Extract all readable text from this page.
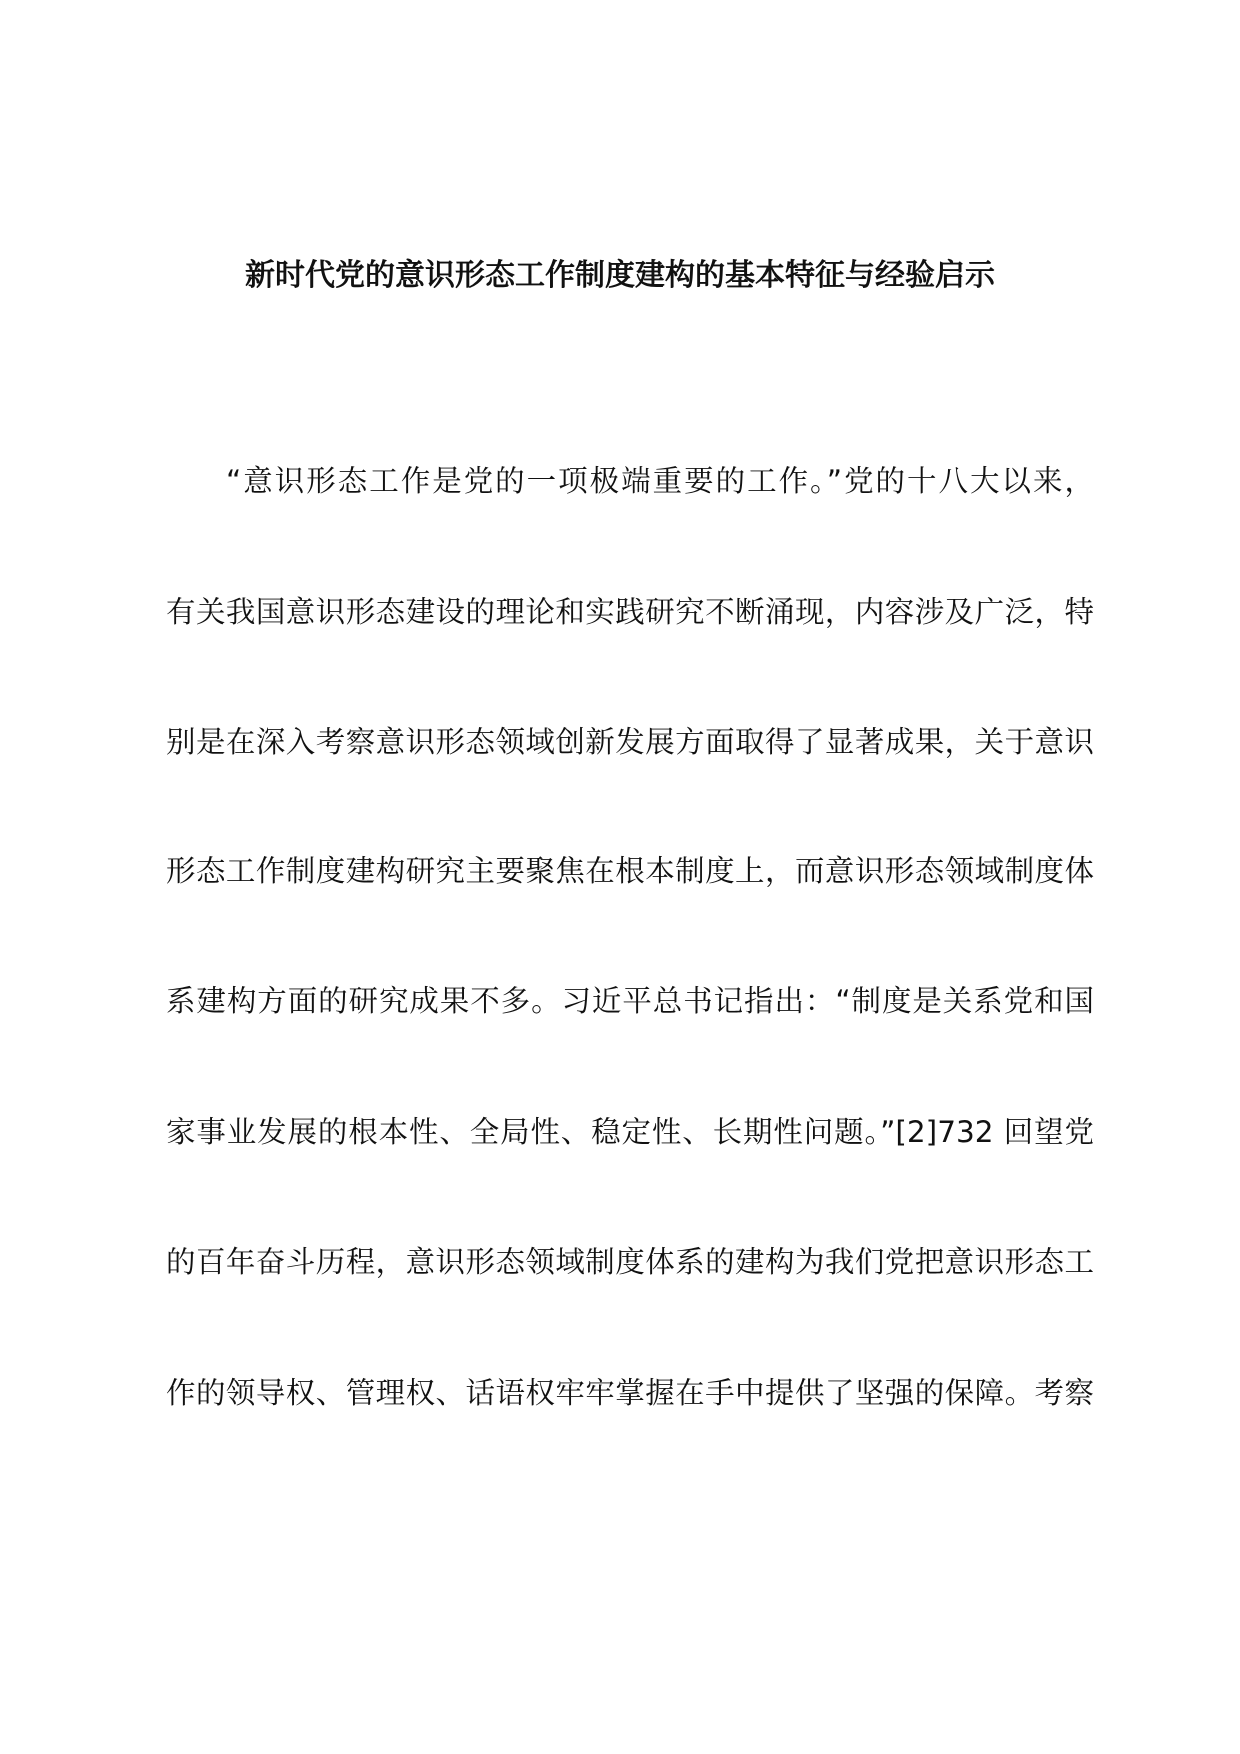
新时代党的意识形态工作制度建构的基本特征与经验启示
“意识形态工作是党的一项极端重要的工作。”党的十八大以来，
有关我国意识形态建设的理论和实践研究不断涌现，内容涉及广泛，特
别是在深入考察意识形态领域创新发展方面取得了显著成果，关于意识
形态工作制度建构研究主要聚焦在根本制度上，而意识形态领域制度体
系建构方面的研究成果不多。习近平总书记指出：“制度是关系党和国
家事业发展的根本性、全局性、稳定性、长期性问题。”[2]732 回望党
的百年奋斗历程，意识形态领域制度体系的建构为我们党把意识形态工
作的领导权、管理权、话语权牢牢掌握在手中提供了坚强的保障。考察
